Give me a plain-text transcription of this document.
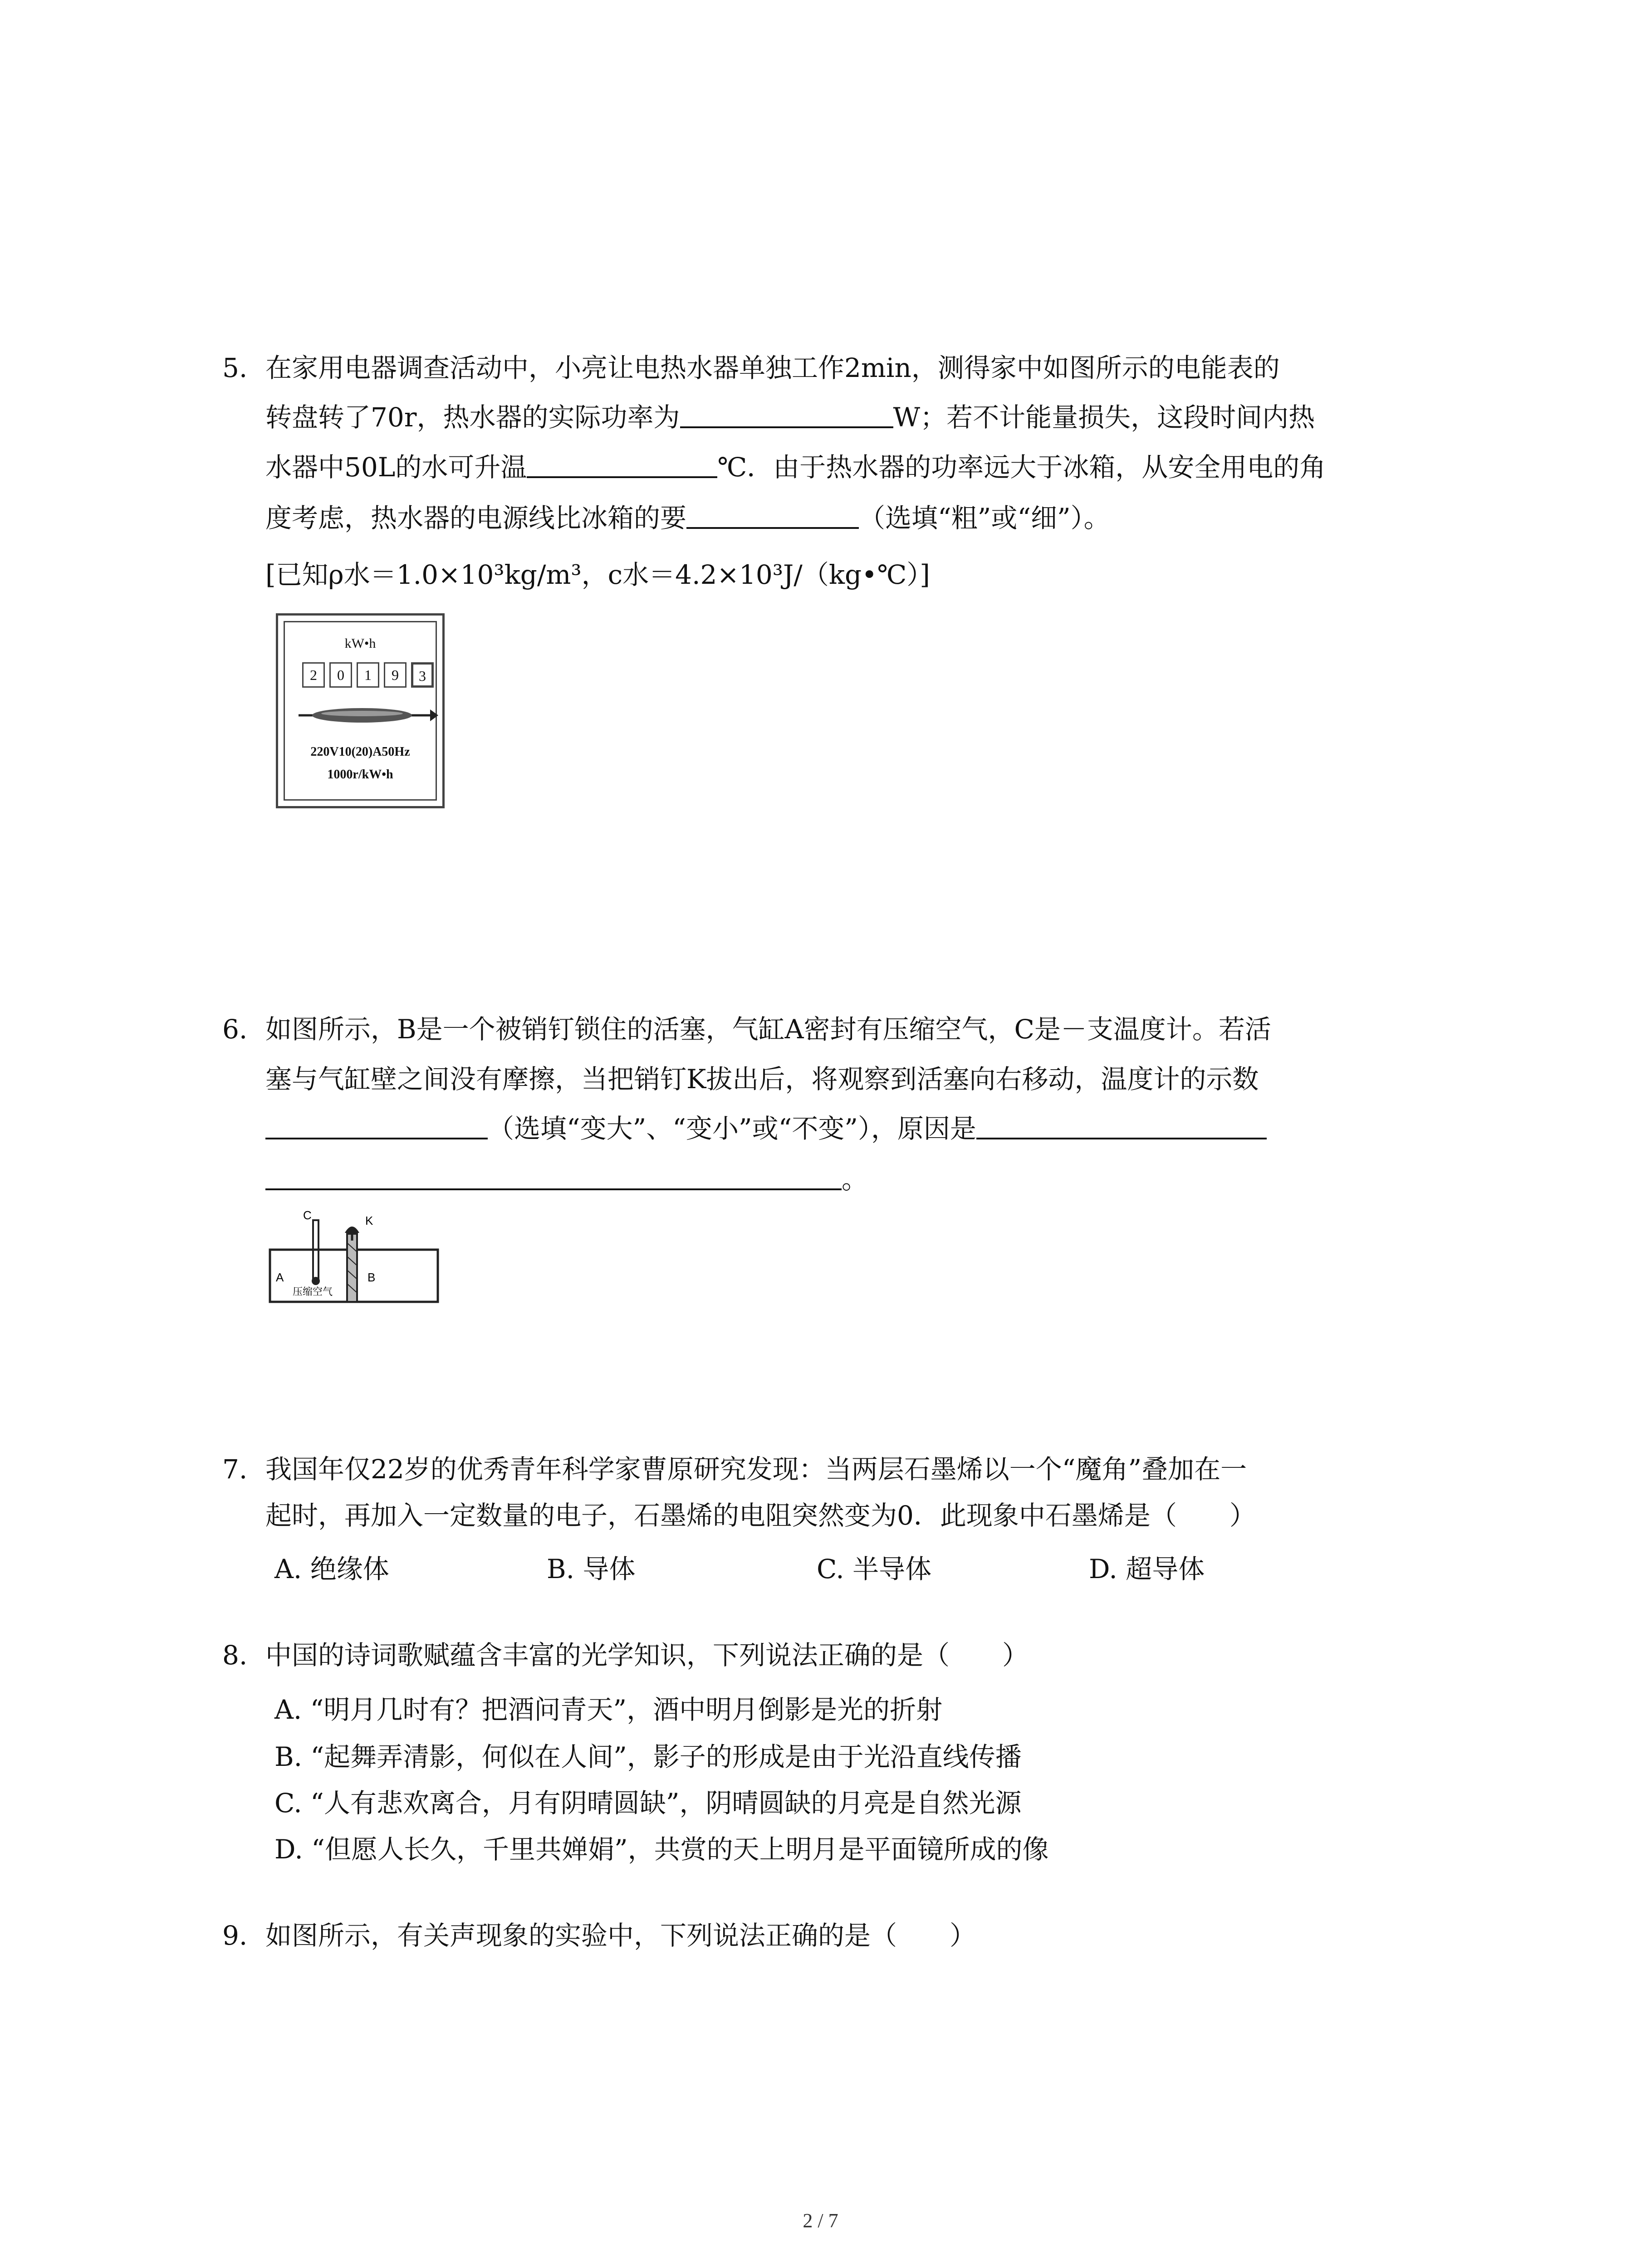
5. 在家用电器调查活动中，小亮让电热水器单独工作2min，测得家中如图所示的电能表的
转盘转了70r，热水器的实际功率为	W；若不计能量损失，这段时间内热
水器中50L的水可升温	℃．由于热水器的功率远大于冰箱，从安全用电的角
度考虑，热水器的电源线比冰箱的要	（选填“粗”或“细”）。
[已知ρ水＝1.0×10³kg/m³，c水＝4.2×10³J/（kg•℃）]
kW•h
2	0	1	9	3
220V10(20)A50Hz
1000r/kW•h
6. 如图所示，B是一个被销钉锁住的活塞，气缸A密封有压缩空气，C是－支温度计。若活
塞与气缸壁之间没有摩擦，当把销钉K拔出后，将观察到活塞向右移动，温度计的示数
（选填“变大”、“变小”或“不变”），原因是
。
C	K
A	B
压缩空气
7. 我国年仅22岁的优秀青年科学家曹原研究发现：当两层石墨烯以一个“魔角”叠加在一
起时，再加入一定数量的电子，石墨烯的电阻突然变为0．此现象中石墨烯是（　　）
A. 绝缘体	B. 导体	C. 半导体	D. 超导体
8. 中国的诗词歌赋蕴含丰富的光学知识，下列说法正确的是（　　）
A. “明月几时有？把酒问青天”，酒中明月倒影是光的折射
B. “起舞弄清影，何似在人间”，影子的形成是由于光沿直线传播
C. “人有悲欢离合，月有阴晴圆缺”，阴晴圆缺的月亮是自然光源
D. “但愿人长久，千里共婵娟”，共赏的天上明月是平面镜所成的像
9. 如图所示，有关声现象的实验中，下列说法正确的是（　　）
2 / 7
